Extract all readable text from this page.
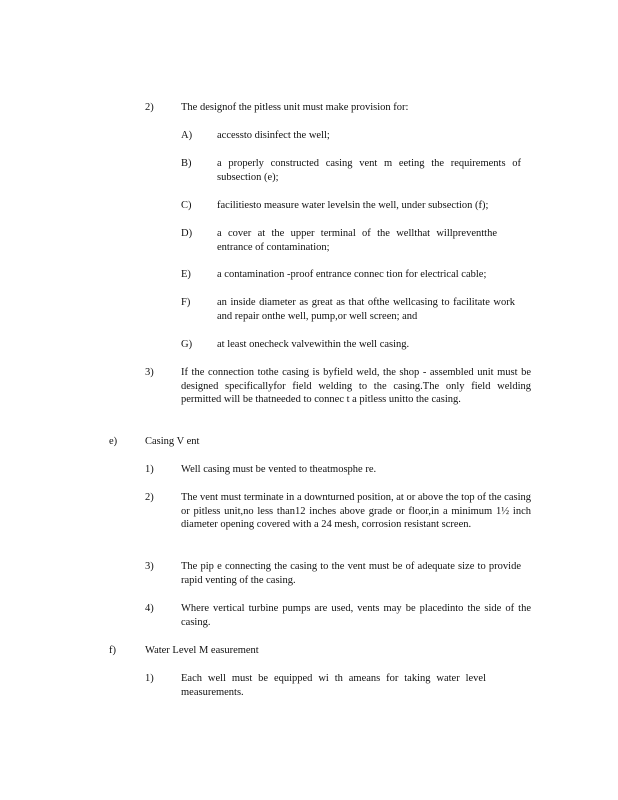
2)	The designof the pitless unit must make provision for:
A) accessto disinfect the well;
B) a properly constructed casing vent m eeting the requirements of subsection (e);
C) facilitiesto measure water levelsin the well, under subsection (f);
D) a cover at the upper terminal of the wellthat willpreventthe entrance of contamination;
E) a contamination -proof entrance connec tion for electrical cable;
F)	an inside diameter as great as that ofthe wellcasing to facilitate work and repair onthe well, pump,or well screen; and
G) at least onecheck valvewithin the well casing.
3)	If the connection tothe casing is byfield weld, the shop - assembled unit must be designed specificallyfor field welding to the casing.The only field welding permitted will be thatneeded to connec t a pitless unitto the casing.
e)	Casing V ent
1)	Well casing must be vented to theatmosphe re.
2)	The vent must terminate in a downturned position, at or above the top of the casing or pitless unit,no less than12 inches above grade or floor,in a minimum 1½ inch diameter opening covered with a 24 mesh, corrosion resistant screen.
3)	The pip e connecting the casing to the vent must be of adequate size to provide rapid venting of the casing.
4)	Where vertical turbine pumps are used, vents may be placedinto the side of the casing.
f)	Water Level M easurement
1)	Each well must be equipped wi th ameans for taking water level measurements.
